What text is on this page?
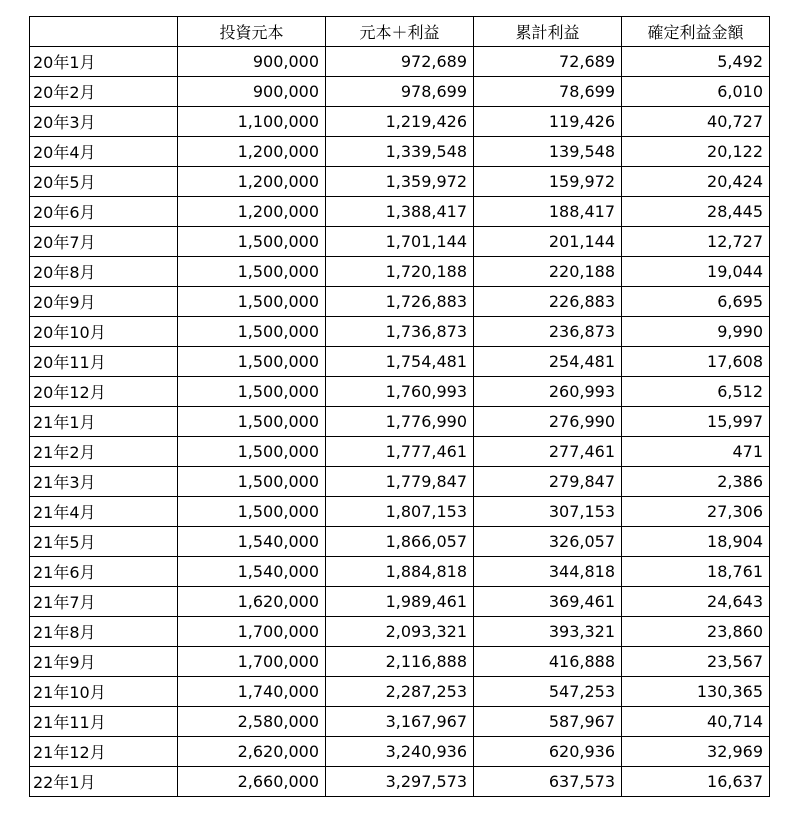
	投資元本	元本＋利益	累計利益	確定利益金額
20年1月	900,000	972,689	72,689	5,492
20年2月	900,000	978,699	78,699	6,010
20年3月	1,100,000	1,219,426	119,426	40,727
20年4月	1,200,000	1,339,548	139,548	20,122
20年5月	1,200,000	1,359,972	159,972	20,424
20年6月	1,200,000	1,388,417	188,417	28,445
20年7月	1,500,000	1,701,144	201,144	12,727
20年8月	1,500,000	1,720,188	220,188	19,044
20年9月	1,500,000	1,726,883	226,883	6,695
20年10月	1,500,000	1,736,873	236,873	9,990
20年11月	1,500,000	1,754,481	254,481	17,608
20年12月	1,500,000	1,760,993	260,993	6,512
21年1月	1,500,000	1,776,990	276,990	15,997
21年2月	1,500,000	1,777,461	277,461	471
21年3月	1,500,000	1,779,847	279,847	2,386
21年4月	1,500,000	1,807,153	307,153	27,306
21年5月	1,540,000	1,866,057	326,057	18,904
21年6月	1,540,000	1,884,818	344,818	18,761
21年7月	1,620,000	1,989,461	369,461	24,643
21年8月	1,700,000	2,093,321	393,321	23,860
21年9月	1,700,000	2,116,888	416,888	23,567
21年10月	1,740,000	2,287,253	547,253	130,365
21年11月	2,580,000	3,167,967	587,967	40,714
21年12月	2,620,000	3,240,936	620,936	32,969
22年1月	2,660,000	3,297,573	637,573	16,637
